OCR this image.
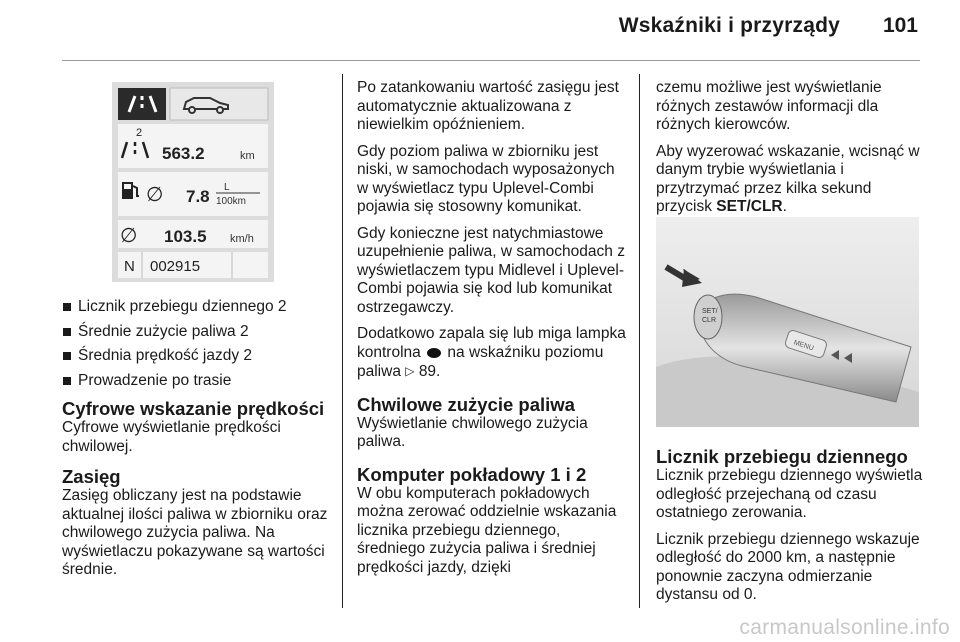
Wskaźniki i przyrządy 101
2
563.2	km
∅ 7.8 L
100km
∅ 103.5 km/h
N 002915
Licznik przebiegu dziennego 2
Średnie zużycie paliwa 2
Średnia prędkość jazdy 2
Prowadzenie po trasie
Cyfrowe wskazanie prędkości

Cyfrowe wyświetlanie prędkości chwilowej.

Zasięg

Zasięg obliczany jest na podstawie aktualnej ilości paliwa w zbiorniku oraz chwilowego zużycia paliwa. Na wyświetlaczu pokazywane są wartości średnie.

Po zatankowaniu wartość zasięgu jest automatycznie aktualizowana z niewielkim opóźnieniem.

Gdy poziom paliwa w zbiorniku jest niski, w samochodach wyposażonych w wyświetlacz typu Uplevel-Combi pojawia się stosowny komunikat.

Gdy konieczne jest natychmiastowe uzupełnienie paliwa, w samochodach z wyświetlaczem typu Midlevel i Uplevel-Combi pojawia się kod lub komunikat ostrzegawczy.

Dodatkowo zapala się lub miga lampka kontrolna na wskaźniku poziomu paliwa ▷ 89.

Chwilowe zużycie paliwa

Wyświetlanie chwilowego zużycia paliwa.

Komputer pokładowy 1 i 2

W obu komputerach pokładowych można zerować oddzielnie wskazania licznika przebiegu dziennego, średniego zużycia paliwa i średniej prędkości jazdy, dzięki

czemu możliwe jest wyświetlanie różnych zestawów informacji dla różnych kierowców.

Aby wyzerować wskazanie, wcisnąć w danym trybie wyświetlania i przytrzymać przez kilka sekund przycisk SET/CLR.

SET/
CLR
MENU
Licznik przebiegu dziennego

Licznik przebiegu dziennego wyświetla odległość przejechaną od czasu ostatniego zerowania.

Licznik przebiegu dziennego wskazuje odległość do 2000 km, a następnie ponownie zaczyna odmierzanie dystansu od 0.

carmanualsonline.info
